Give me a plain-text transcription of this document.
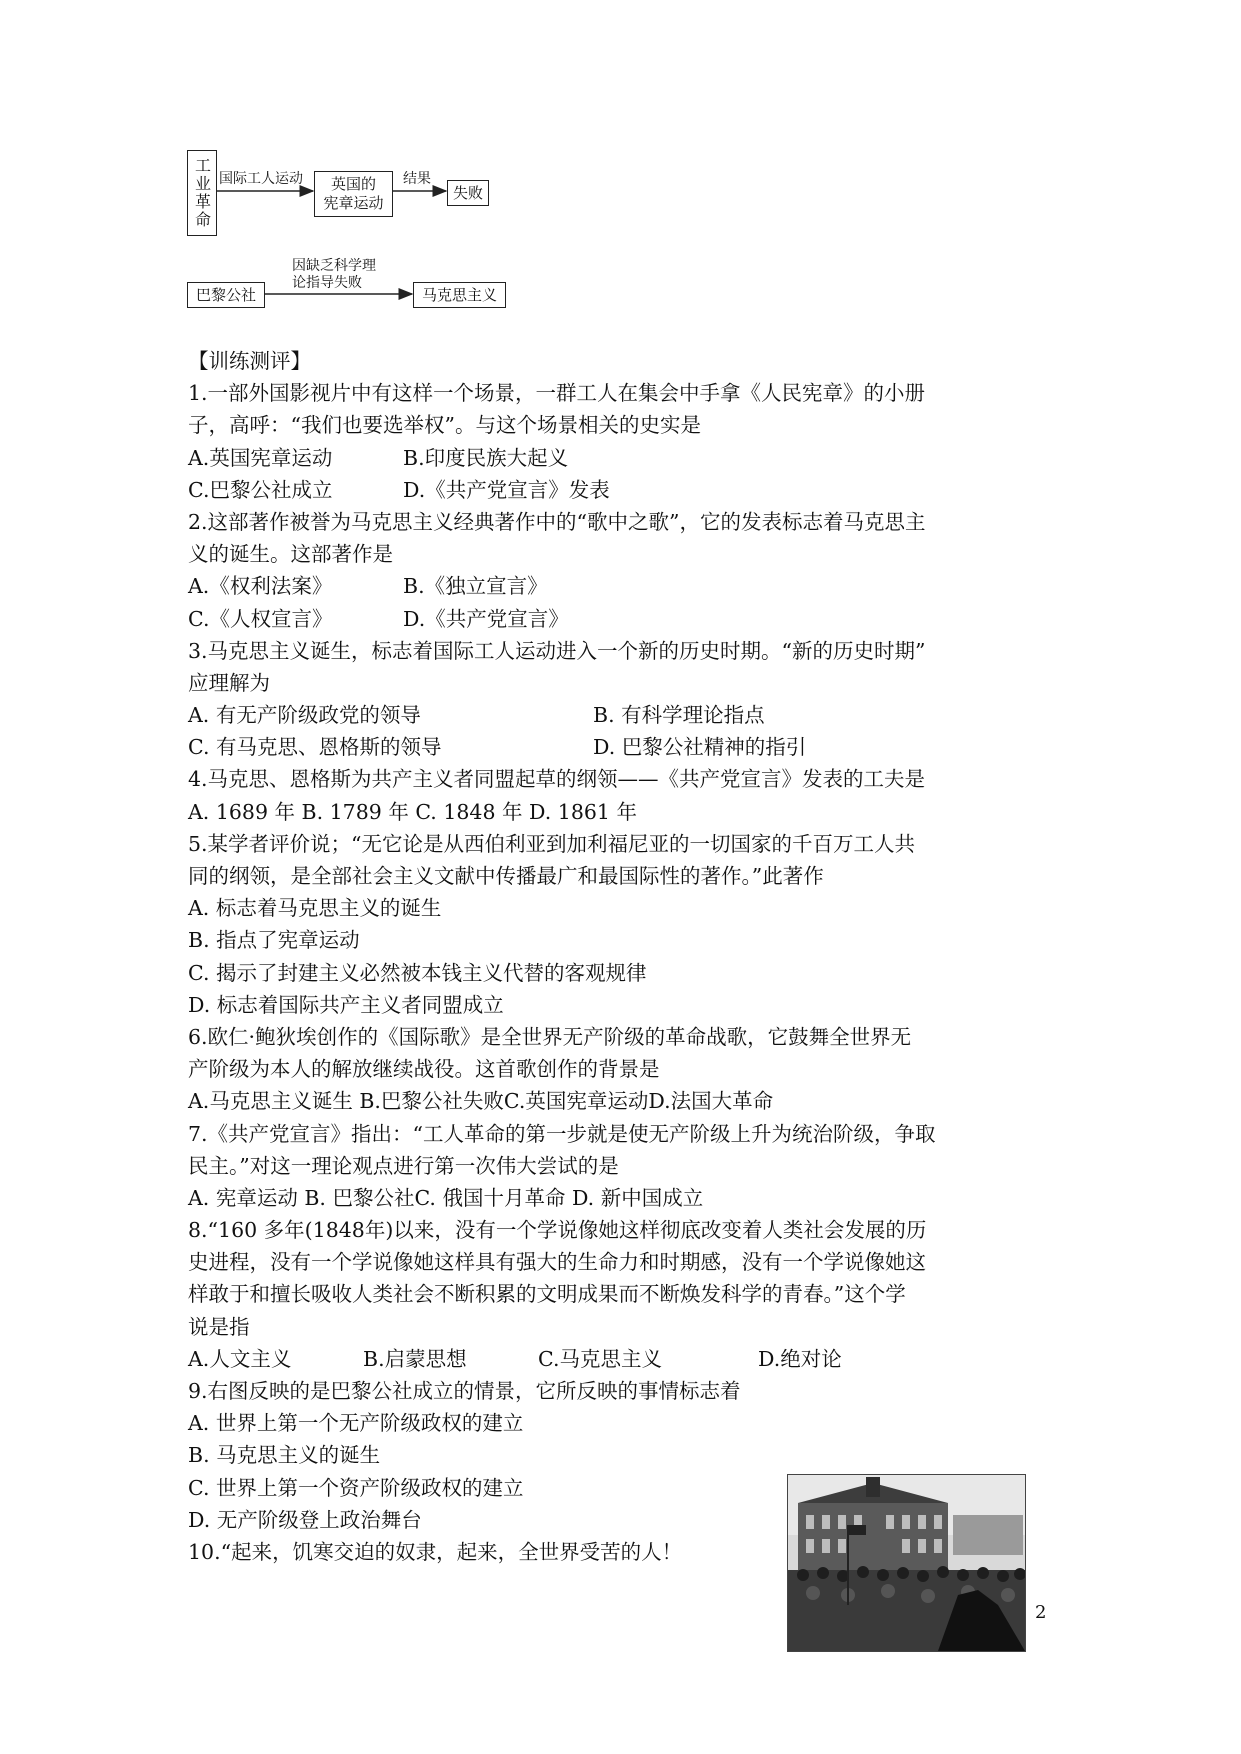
工业革命 国际工人运动	英国的
宪章运动
结果
失败
巴黎公社
因缺乏科学理
论指导失败
马克思主义
【训练测评】
1.一部外国影视片中有这样一个场景，一群工人在集会中手拿《人民宪章》的小册
子，高呼：“我们也要选举权”。与这个场景相关的史实是
A.英国宪章运动	B.印度民族大起义
C.巴黎公社成立	D.《共产党宣言》发表
2.这部著作被誉为马克思主义经典著作中的“歌中之歌”，它的发表标志着马克思主
义的诞生。这部著作是
A.《权利法案》	B.《独立宣言》
C.《人权宣言》	D.《共产党宣言》
3.马克思主义诞生，标志着国际工人运动进入一个新的历史时期。“新的历史时期”
应理解为
A. 有无产阶级政党的领导	B. 有科学理论指点
C. 有马克思、恩格斯的领导	D. 巴黎公社精神的指引
4.马克思、恩格斯为共产主义者同盟起草的纲领——《共产党宣言》发表的工夫是
A. 1689 年 B. 1789 年 C. 1848 年 D. 1861 年
5.某学者评价说；“无它论是从西伯利亚到加利福尼亚的一切国家的千百万工人共
同的纲领，是全部社会主义文献中传播最广和最国际性的著作。”此著作
A. 标志着马克思主义的诞生
B. 指点了宪章运动
C. 揭示了封建主义必然被本钱主义代替的客观规律
D. 标志着国际共产主义者同盟成立
6.欧仁·鲍狄埃创作的《国际歌》是全世界无产阶级的革命战歌，它鼓舞全世界无
产阶级为本人的解放继续战役。这首歌创作的背景是
A.马克思主义诞生 B.巴黎公社失败C.英国宪章运动D.法国大革命
7.《共产党宣言》指出：“工人革命的第一步就是使无产阶级上升为统治阶级，争取
民主。”对这一理论观点进行第一次伟大尝试的是
A. 宪章运动 B. 巴黎公社C. 俄国十月革命 D. 新中国成立
8.“160 多年(1848年)以来，没有一个学说像她这样彻底改变着人类社会发展的历
史进程，没有一个学说像她这样具有强大的生命力和时期感，没有一个学说像她这
样敢于和擅长吸收人类社会不断积累的文明成果而不断焕发科学的青春。”这个学
说是指
A.人文主义	B.启蒙思想	C.马克思主义	D.绝对论
9.右图反映的是巴黎公社成立的情景，它所反映的事情标志着
A. 世界上第一个无产阶级政权的建立
B. 马克思主义的诞生
C. 世界上第一个资产阶级政权的建立
D. 无产阶级登上政治舞台
10.“起来，饥寒交迫的奴隶，起来，全世界受苦的人！
2
